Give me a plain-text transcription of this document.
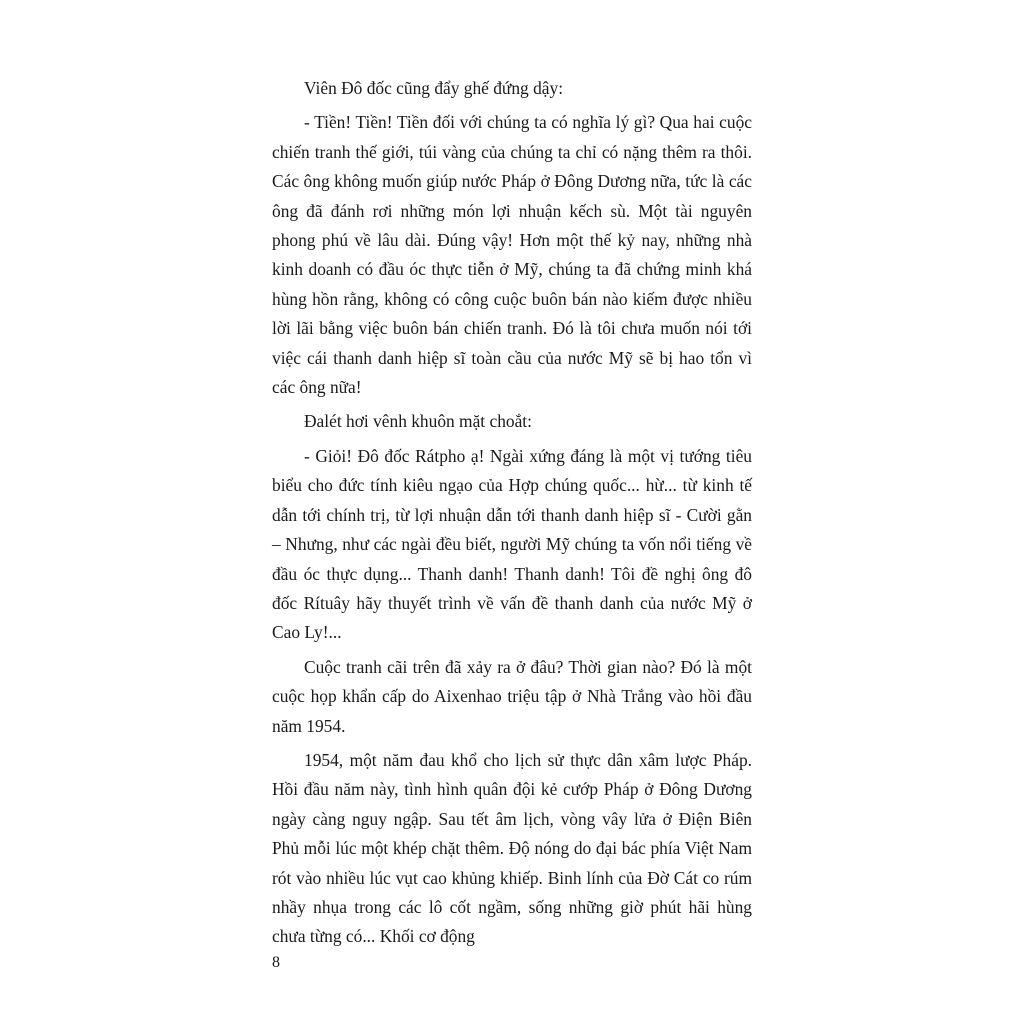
Viên Đô đốc cũng đẩy ghế đứng dậy:

- Tiền! Tiền! Tiền đối với chúng ta có nghĩa lý gì? Qua hai cuộc chiến tranh thế giới, túi vàng của chúng ta chỉ có nặng thêm ra thôi. Các ông không muốn giúp nước Pháp ở Đông Dương nữa, tức là các ông đã đánh rơi những món lợi nhuận kếch sù. Một tài nguyên phong phú về lâu dài. Đúng vậy! Hơn một thế kỷ nay, những nhà kinh doanh có đầu óc thực tiễn ở Mỹ, chúng ta đã chứng minh khá hùng hồn rằng, không có công cuộc buôn bán nào kiếm được nhiều lời lãi bằng việc buôn bán chiến tranh. Đó là tôi chưa muốn nói tới việc cái thanh danh hiệp sĩ toàn cầu của nước Mỹ sẽ bị hao tổn vì các ông nữa!

Đalét hơi vênh khuôn mặt choắt:

- Giỏi! Đô đốc Rátpho ạ! Ngài xứng đáng là một vị tướng tiêu biểu cho đức tính kiêu ngạo của Hợp chúng quốc... hừ... từ kinh tế dẫn tới chính trị, từ lợi nhuận dẫn tới thanh danh hiệp sĩ - Cười gằn – Nhưng, như các ngài đều biết, người Mỹ chúng ta vốn nổi tiếng về đầu óc thực dụng... Thanh danh! Thanh danh! Tôi đề nghị ông đô đốc Rítuây hãy thuyết trình về vấn đề thanh danh của nước Mỹ ở Cao Ly!...

Cuộc tranh cãi trên đã xảy ra ở đâu? Thời gian nào? Đó là một cuộc họp khẩn cấp do Aixenhao triệu tập ở Nhà Trắng vào hồi đầu năm 1954.

1954, một năm đau khổ cho lịch sử thực dân xâm lược Pháp. Hồi đầu năm này, tình hình quân đội kẻ cướp Pháp ở Đông Dương ngày càng nguy ngập. Sau tết âm lịch, vòng vây lửa ở Điện Biên Phủ mỗi lúc một khép chặt thêm. Độ nóng do đại bác phía Việt Nam rót vào nhiều lúc vụt cao khủng khiếp. Binh lính của Đờ Cát co rúm nhầy nhụa trong các lô cốt ngầm, sống những giờ phút hãi hùng chưa từng có... Khối cơ động

8
